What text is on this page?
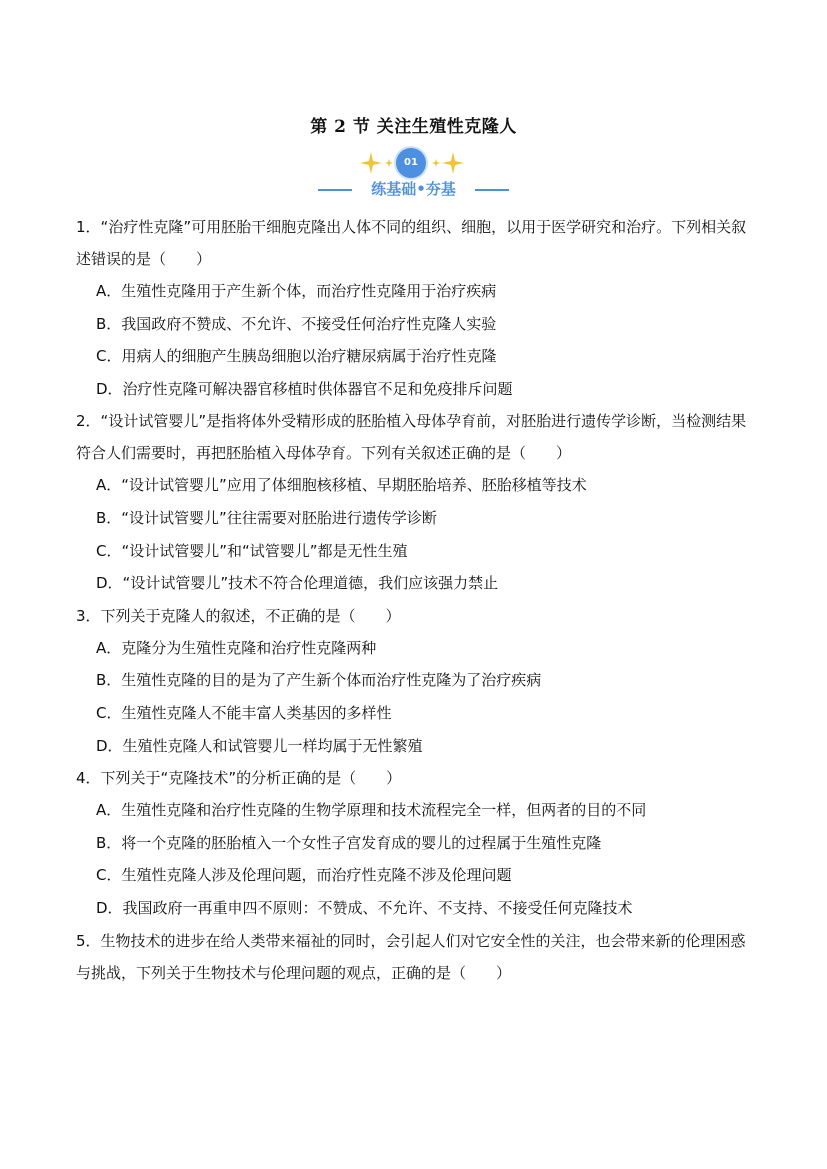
第 2 节 关注生殖性克隆人
01
练基础•夯基

1．“治疗性克隆”可用胚胎干细胞克隆出人体不同的组织、细胞，以用于医学研究和治疗。下列相关叙述错误的是（　　）

A．生殖性克隆用于产生新个体，而治疗性克隆用于治疗疾病

B．我国政府不赞成、不允许、不接受任何治疗性克隆人实验

C．用病人的细胞产生胰岛细胞以治疗糖尿病属于治疗性克隆

D．治疗性克隆可解决器官移植时供体器官不足和免疫排斥问题

2．“设计试管婴儿”是指将体外受精形成的胚胎植入母体孕育前，对胚胎进行遗传学诊断，当检测结果符合人们需要时，再把胚胎植入母体孕育。下列有关叙述正确的是（　　）

A．“设计试管婴儿”应用了体细胞核移植、早期胚胎培养、胚胎移植等技术

B．“设计试管婴儿”往往需要对胚胎进行遗传学诊断

C．“设计试管婴儿”和“试管婴儿”都是无性生殖

D．“设计试管婴儿”技术不符合伦理道德，我们应该强力禁止

3．下列关于克隆人的叙述，不正确的是（　　）

A．克隆分为生殖性克隆和治疗性克隆两种

B．生殖性克隆的目的是为了产生新个体而治疗性克隆为了治疗疾病

C．生殖性克隆人不能丰富人类基因的多样性

D．生殖性克隆人和试管婴儿一样均属于无性繁殖

4．下列关于“克隆技术”的分析正确的是（　　）

A．生殖性克隆和治疗性克隆的生物学原理和技术流程完全一样，但两者的目的不同

B．将一个克隆的胚胎植入一个女性子宫发育成的婴儿的过程属于生殖性克隆

C．生殖性克隆人涉及伦理问题，而治疗性克隆不涉及伦理问题

D．我国政府一再重申四不原则：不赞成、不允许、不支持、不接受任何克隆技术

5．生物技术的进步在给人类带来福祉的同时，会引起人们对它安全性的关注，也会带来新的伦理困惑与挑战，下列关于生物技术与伦理问题的观点，正确的是（　　）
